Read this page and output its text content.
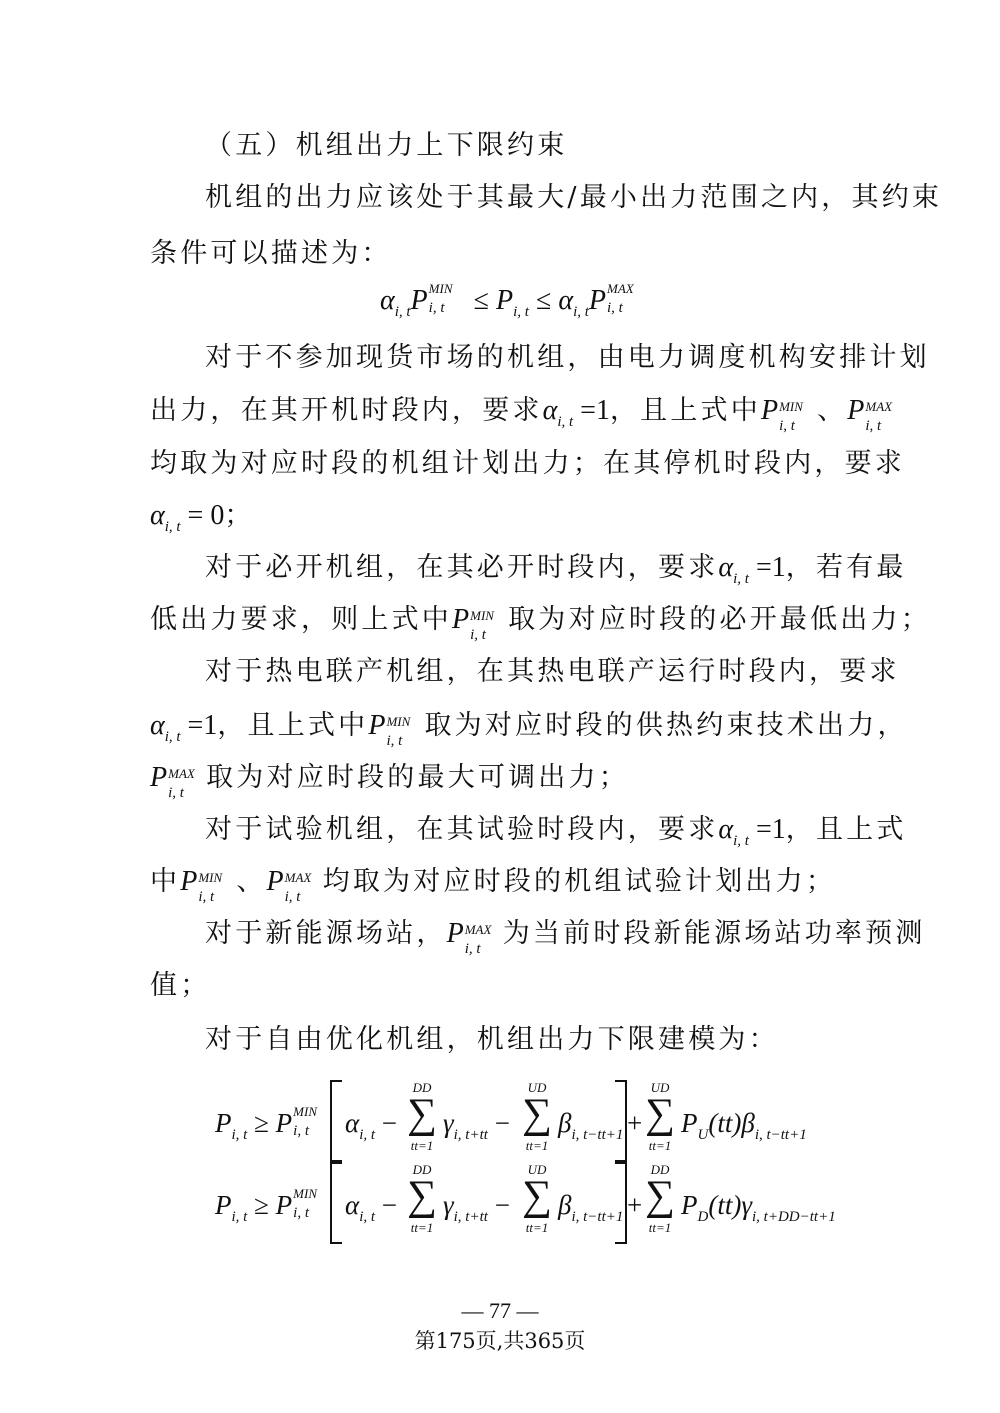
（五）机组出力上下限约束
机组的出力应该处于其最大/最小出力范围之内，其约束
条件可以描述为：
$\alpha_{i, t}P$ MIN
i, $t \le P_{i, t} \le \alpha_{i, t}P$ MAX
i, t
对于不参加现货市场的机组，由电力调度机构安排计划
出力，在其开机时段内，要求$\alpha_{i, t} =1$，且上式中P MIN
i, t 、P MAX
i, t
均取为对应时段的机组计划出力；在其停机时段内，要求
$\alpha_{i, t} = 0$；
对于必开机组，在其必开时段内，要求$\alpha_{i, t} =1$，若有最
低出力要求，则上式中P MIN
i, t 取为对应时段的必开最低出力；
对于热电联产机组，在其热电联产运行时段内，要求
$\alpha_{i, t} =1$，且上式中P MIN
i, t 取为对应时段的供热约束技术出力，
P MAX
i, t 取为对应时段的最大可调出力；
对于试验机组，在其试验时段内，要求$\alpha_{i, t} =1$，且上式
中P MIN
i, t 、P MAX
i, t 均取为对应时段的机组试验计划出力；
对于新能源场站，P MAX
i, t 为当前时段新能源场站功率预测
值；
对于自由优化机组，机组出力下限建模为：
$P_{i, t} \ge P$ MIN
i, t $\alpha_{i, t}$ −
DD
∑
tt=1
$\gamma_{i, t+tt}$ −
UD
∑
tt=1
$\beta_{i, t-tt+1}$ +
UD
∑
tt=1
$P_U(tt)\beta_{i, t-tt+1}$
$P_{i, t} \ge P$ MIN
i, t $\alpha_{i, t}$ −
DD
∑
tt=1
$\gamma_{i, t+tt}$ −
UD
∑
tt=1
$\beta_{i, t-tt+1}$ +
DD
∑
tt=1
$P_D(tt)\gamma_{i, t+DD-tt+1}$
— 77 —
第175页,共365页
